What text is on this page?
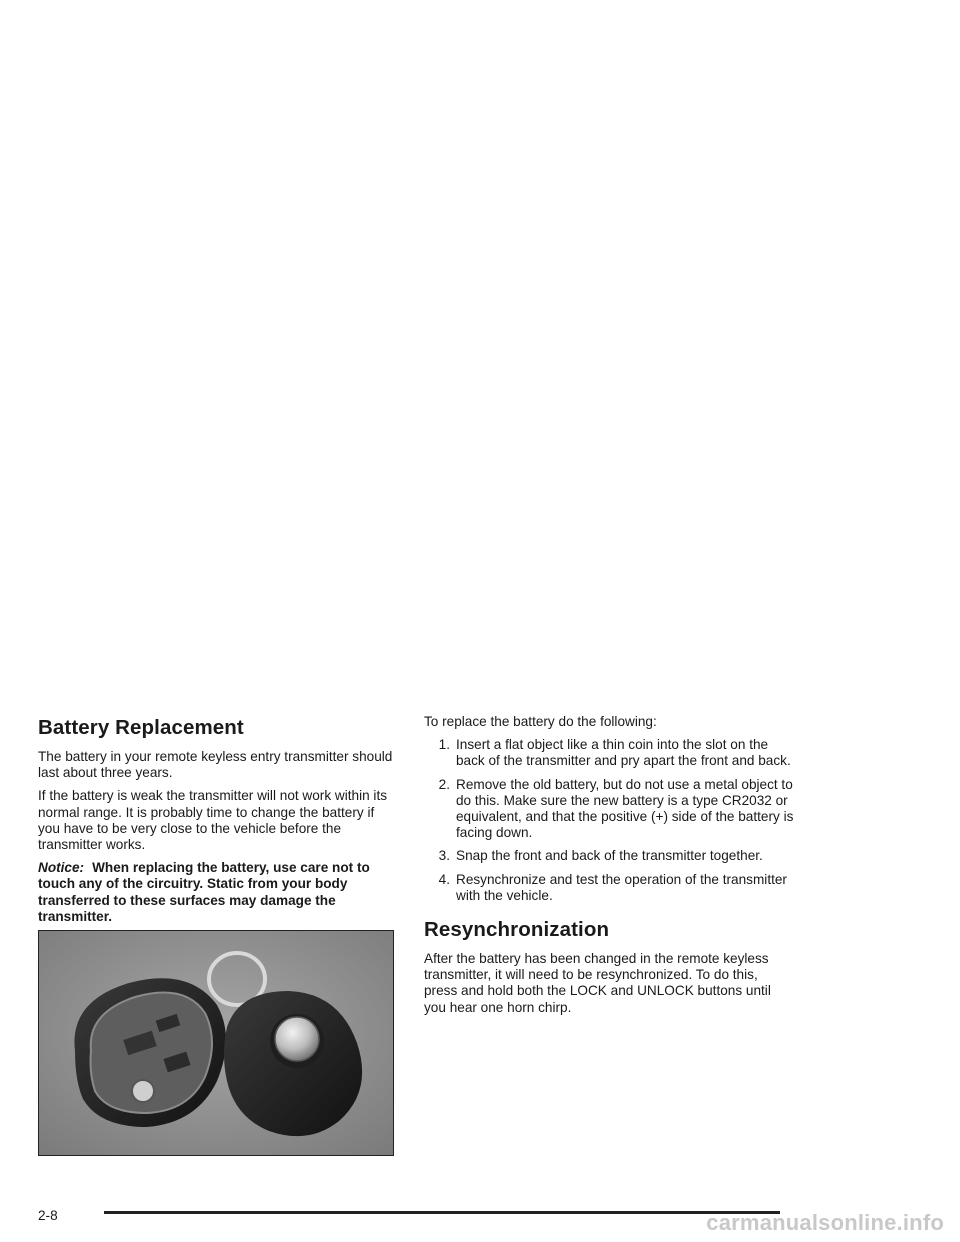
Battery Replacement

The battery in your remote keyless entry transmitter should last about three years.

If the battery is weak the transmitter will not work within its normal range. It is probably time to change the battery if you have to be very close to the vehicle before the transmitter works.

Notice: When replacing the battery, use care not to touch any of the circuitry. Static from your body transferred to these surfaces may damage the transmitter.

To replace the battery do the following:

1. Insert a flat object like a thin coin into the slot on the back of the transmitter and pry apart the front and back.
2. Remove the old battery, but do not use a metal object to do this. Make sure the new battery is a type CR2032 or equivalent, and that the positive (+) side of the battery is facing down.
3. Snap the front and back of the transmitter together.
4. Resynchronize and test the operation of the transmitter with the vehicle.
Resynchronization

After the battery has been changed in the remote keyless transmitter, it will need to be resynchronized. To do this, press and hold both the LOCK and UNLOCK buttons until you hear one horn chirp.

2-8	carmanualsonline.info
